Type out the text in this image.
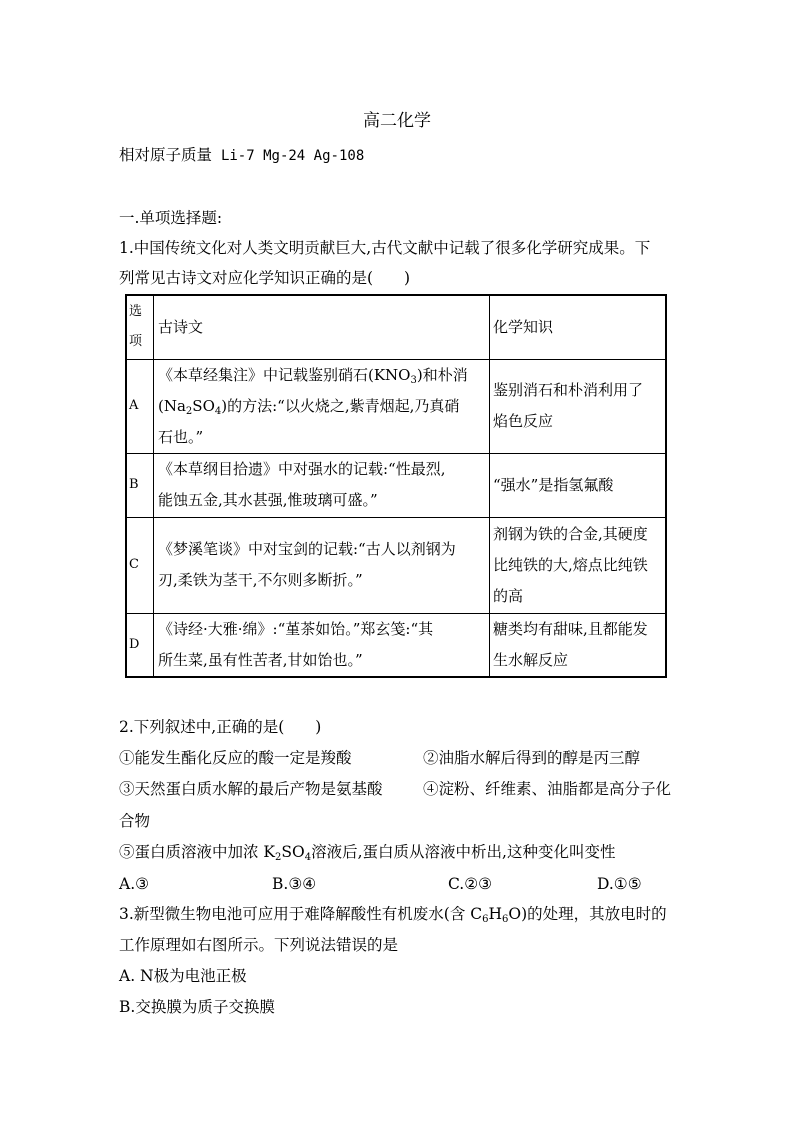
高二化学
相对原子质量 Li-7 Mg-24 Ag-108
一.单项选择题:
1.中国传统文化对人类文明贡献巨大,古代文献中记载了很多化学研究成果。下
列常见古诗文对应化学知识正确的是(　　)
选
项	古诗文	化学知识
A	《本草经集注》中记载鉴别硝石$(KNO_3)$和朴消
$(Na_2SO_4)$的方法:“以火烧之,紫青烟起,乃真硝
石也。”	鉴别消石和朴消利用了
焰色反应

B	《本草纲目拾遗》中对强水的记载:“性最烈,
能蚀五金,其水甚强,惟玻璃可盛。”	“强水”是指氢氟酸

C	《梦溪笔谈》中对宝剑的记载:“古人以剂钢为
刃,柔铁为茎干,不尔则多断折。”	剂钢为铁的合金,其硬度
比纯铁的大,熔点比纯铁
的高

D	《诗经·大雅·绵》:“堇茶如饴。”郑玄笺:“其
所生菜,虽有性苦者,甘如饴也。”	糖类均有甜味,且都能发
生水解反应
2.下列叙述中,正确的是(　　)
①能发生酯化反应的酸一定是羧酸	②油脂水解后得到的醇是丙三醇
③天然蛋白质水解的最后产物是氨基酸	④淀粉、纤维素、油脂都是高分子化
合物
⑤蛋白质溶液中加浓 $K_2SO_4$溶液后,蛋白质从溶液中析出,这种变化叫变性
A.③	B.③④	C.②③	D.①⑤
3.新型微生物电池可应用于难降解酸性有机废水(含 $C_6H_6O$)的处理，其放电时的
工作原理如右图所示。下列说法错误的是
A. N极为电池正极
B.交换膜为质子交换膜
